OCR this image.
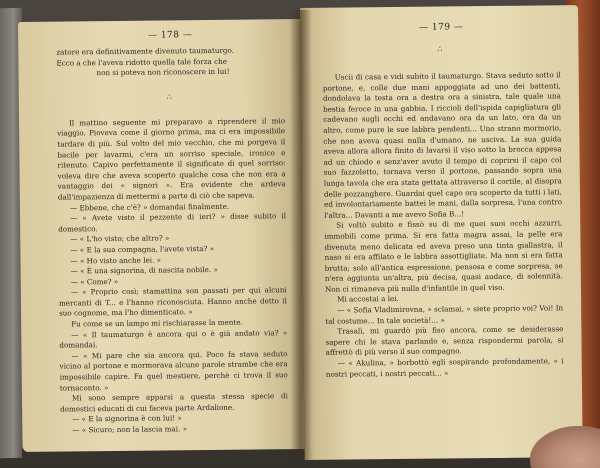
— 178 —

zatore era definitivamente divenuto taumaturgo.

Ecco a che l'aveva ridotto quella tale forza che

non si poteva non riconoscere in lui!

∴

Il mattino seguente mi preparavo a riprendere il mio viaggio. Pioveva come il giorno prima, ma ci era impossibile tardare di più. Sul volto del mio vecchio, che mi porgeva il bacile per lavarmi, c'era un sorriso speciale, ironico e ritenuto. Capivo perfettamente il significato di quel sorriso: voleva dire che aveva scoperto qualche cosa che non era a vantaggio dei « signori ». Era evidente che ardeva dall'impazienza di mettermi a parte di ciò che sapeva.

— Ebbene, che c'è? » domandai finalmente.

— « Avete visto il pezzente di ieri? » disse subito il domestico.

— « L'ho visto; che altro? »

— « E la sua compagna, l'avete vista? »

— « Ho visto anche lei. »

— « È una signorina, di nascita nobile. »

— « Come? »

— « Proprio così; stamattina son passati per qui alcuni mercanti di T... e l'hanno riconosciuta. Hanno anche detto il suo cognome, ma l'ho dimenticato. »

Fu come se un lampo mi rischiarasse la mente.

— « Il taumaturgo è ancora qui o è già andato via? » domandai.

— « Mi pare che sia ancora qui. Poco fa stava seduto vicino al portone e mormorava alcune parole strambe che era impossibile capire. Fa quel mestiere, perchè ci trova il suo tornaconto. »

Mi sono sempre apparsi a questa stessa specie di domestici educati di cui faceva parte Ardalione.

— « E la signorina è con lui! »

— « Sicuro; non la lascia mai. »

— 179 —
∴

Uscii di casa e vidi subito il taumaturgo. Stava seduto sotto il portone, e, colle due mani appoggiate ad uno dei battenti, dondolava la testa ora a destra ora a sinistra, tale quale una bestia feroce in una gabbia. I riccioli dell'ispida capigliatura gli cadevano sugli occhi ed andavano ora da un lato, ora da un altro, come pure le sue labbra pendenti... Uno strano mormorio, che non aveva quasi nulla d'umano, ne usciva. La sua guida aveva allora allora finito di lavarsi il viso sotto la brocca appesa ad un chiodo e senz'aver avuto il tempo di coprirsi il capo col suo fazzoletto, tornava verso il portone, passando sopra una lunga tavola che era stata gettata attraverso il cortile, al disopra delle pozzanghere. Guardai quel capo ora scoperto da tutti i lati, ed involontariamente battei le mani, dalla sorpresa, l'una contro l'altra... Davanti a me avevo Sofia B...!

Si voltò subito e fissò su di me quei suoi occhi azzurri, immobili come prima. Si era fatta magra assai, la pelle era divenuta meno delicata ed aveva preso una tinta giallastra, il naso si era affilato e le labbra assottigliate. Ma non si era fatta brutta; solo all'antica espressione, pensosa e come sorpresa, se n'era aggiunta un'altra, più decisa, quasi audace, di solennità. Non ci rimaneva più nulla d'infantile in quel viso.

Mi accostai a lei.

— « Sofia Vladimirovna, » sclamai, « siete proprio voi? Voi! In tal costume... In tale società!... »

Trasalì, mi guardò più fiso ancora, come se desiderasse sapere chi le stava parlando e, senza rispondermi parola, si affrettò di più verso il suo compagno.

— « Akulina, » borbottò egli sospirando profondamente, « i nostri peccati, i nostri peccati... »
